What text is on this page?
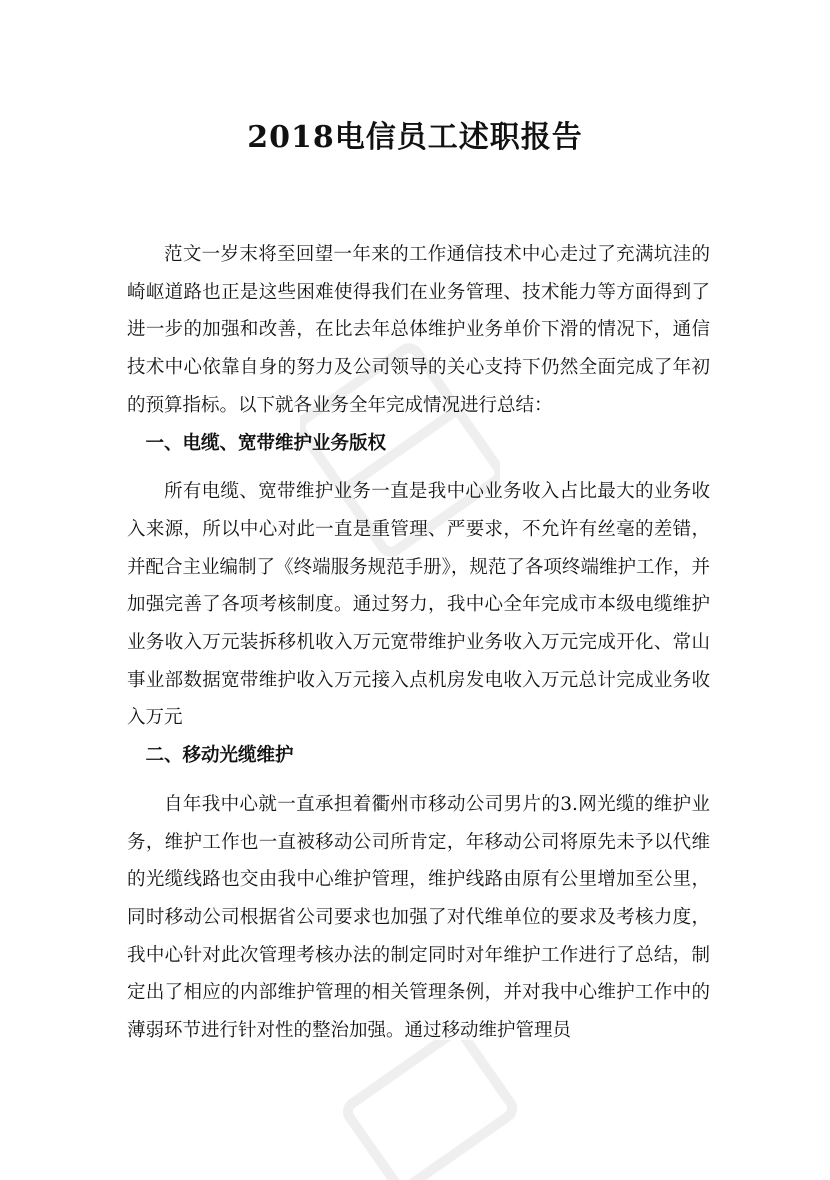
2018电信员工述职报告

范文一岁末将至回望一年来的工作通信技术中心走过了充满坑洼的崎岖道路也正是这些困难使得我们在业务管理、技术能力等方面得到了进一步的加强和改善，在比去年总体维护业务单价下滑的情况下，通信技术中心依靠自身的努力及公司领导的关心支持下仍然全面完成了年初的预算指标。以下就各业务全年完成情况进行总结：

一、电缆、宽带维护业务版权

所有电缆、宽带维护业务一直是我中心业务收入占比最大的业务收入来源，所以中心对此一直是重管理、严要求，不允许有丝毫的差错，并配合主业编制了《终端服务规范手册》，规范了各项终端维护工作，并加强完善了各项考核制度。通过努力，我中心全年完成市本级电缆维护业务收入万元装拆移机收入万元宽带维护业务收入万元完成开化、常山事业部数据宽带维护收入万元接入点机房发电收入万元总计完成业务收入万元

二、移动光缆维护

自年我中心就一直承担着衢州市移动公司男片的3.网光缆的维护业务，维护工作也一直被移动公司所肯定，年移动公司将原先未予以代维的光缆线路也交由我中心维护管理，维护线路由原有公里增加至公里，同时移动公司根据省公司要求也加强了对代维单位的要求及考核力度，我中心针对此次管理考核办法的制定同时对年维护工作进行了总结，制定出了相应的内部维护管理的相关管理条例，并对我中心维护工作中的薄弱环节进行针对性的整治加强。通过移动维护管理员
